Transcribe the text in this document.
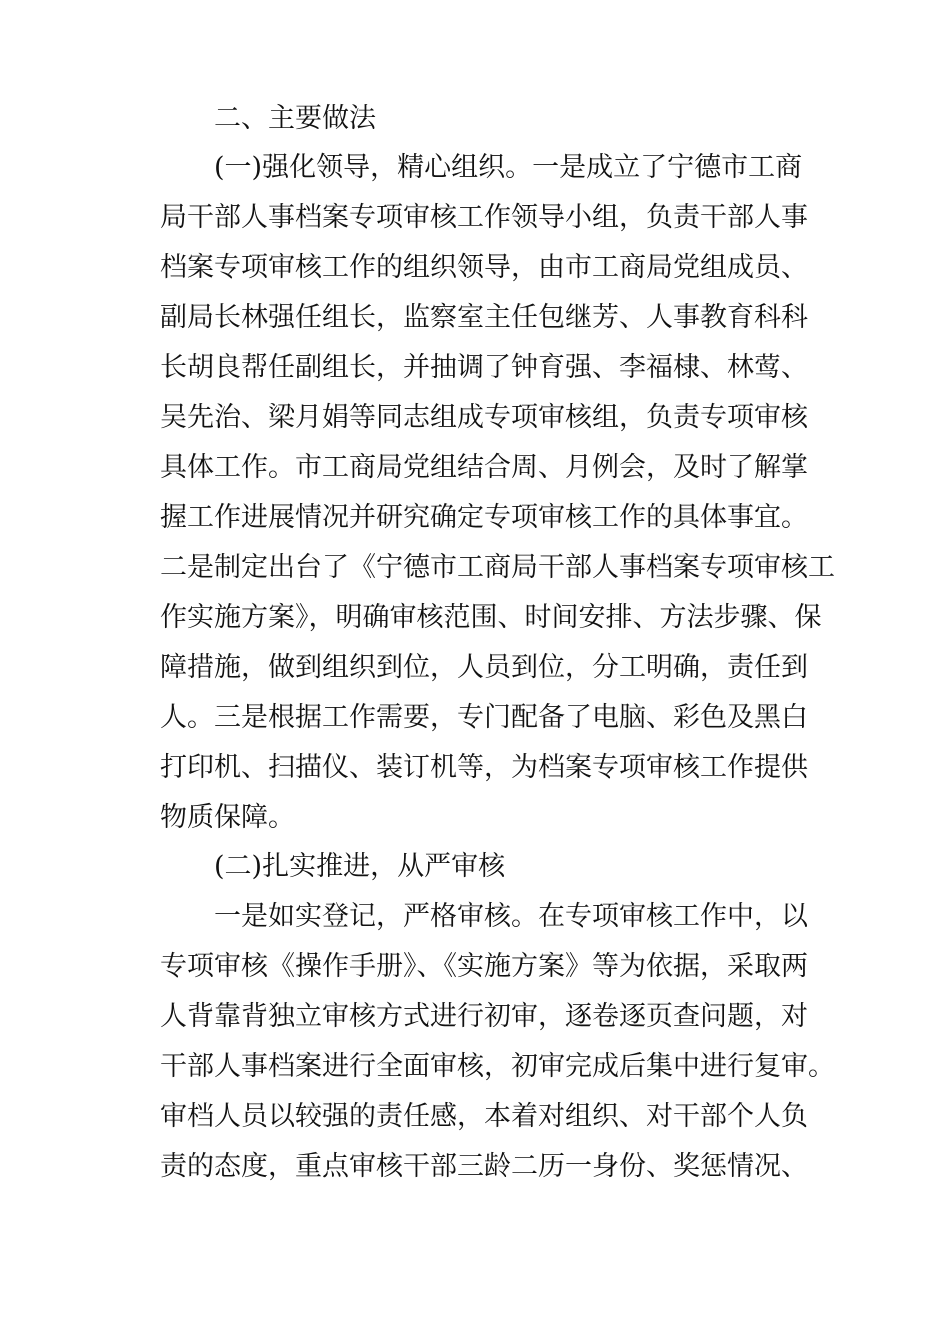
二、主要做法
(一)强化领导，精心组织。一是成立了宁德市工商
局干部人事档案专项审核工作领导小组，负责干部人事
档案专项审核工作的组织领导，由市工商局党组成员、
副局长林强任组长，监察室主任包继芳、人事教育科科
长胡良帮任副组长，并抽调了钟育强、李福棣、林莺、
吴先治、梁月娟等同志组成专项审核组，负责专项审核
具体工作。市工商局党组结合周、月例会，及时了解掌
握工作进展情况并研究确定专项审核工作的具体事宜。
二是制定出台了《宁德市工商局干部人事档案专项审核工
作实施方案》，明确审核范围、时间安排、方法步骤、保
障措施，做到组织到位，人员到位，分工明确，责任到
人。三是根据工作需要，专门配备了电脑、彩色及黑白
打印机、扫描仪、装订机等，为档案专项审核工作提供
物质保障。
(二)扎实推进，从严审核
一是如实登记，严格审核。在专项审核工作中，以
专项审核《操作手册》、《实施方案》等为依据，采取两
人背靠背独立审核方式进行初审，逐卷逐页查问题，对
干部人事档案进行全面审核，初审完成后集中进行复审。
审档人员以较强的责任感，本着对组织、对干部个人负
责的态度，重点审核干部三龄二历一身份、奖惩情况、
